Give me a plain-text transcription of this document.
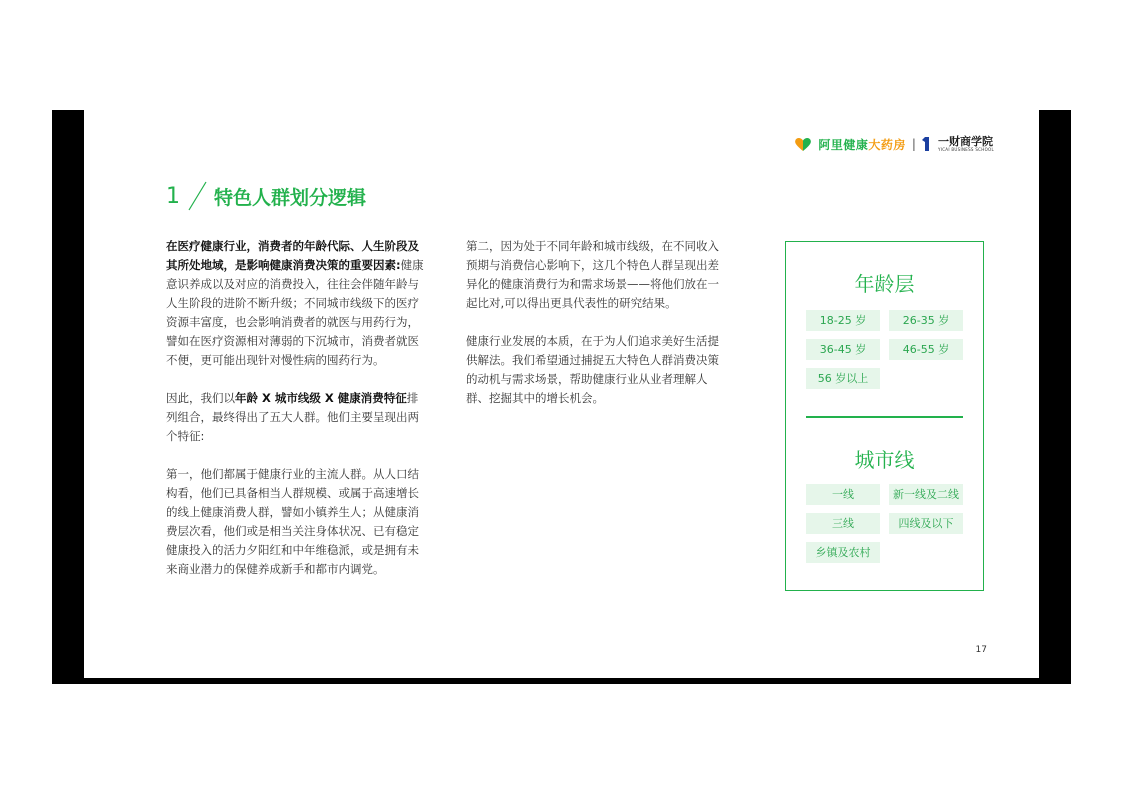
阿里健康大药房 | 一财商学院
YICAI BUSINESS SCHOOL
1 特色人群划分逻辑

在医疗健康行业，消费者的年龄代际、人生阶段及其所处地域，是影响健康消费决策的重要因素:健康意识养成以及对应的消费投入，往往会伴随年龄与人生阶段的进阶不断升级；不同城市线级下的医疗资源丰富度，也会影响消费者的就医与用药行为，譬如在医疗资源相对薄弱的下沉城市，消费者就医不便，更可能出现针对慢性病的囤药行为。

因此，我们以年龄 X 城市线级 X 健康消费特征排列组合，最终得出了五大人群。他们主要呈现出两个特征:

第一，他们都属于健康行业的主流人群。从人口结构看，他们已具备相当人群规模、或属于高速增长的线上健康消费人群，譬如小镇养生人；从健康消费层次看，他们或是相当关注身体状况、已有稳定健康投入的活力夕阳红和中年维稳派，或是拥有未来商业潜力的保健养成新手和都市内调党。

第二，因为处于不同年龄和城市线级，在不同收入预期与消费信心影响下，这几个特色人群呈现出差异化的健康消费行为和需求场景——将他们放在一起比对,可以得出更具代表性的研究结果。

健康行业发展的本质，在于为人们追求美好生活提供解法。我们希望通过捕捉五大特色人群消费决策的动机与需求场景，帮助健康行业从业者理解人群、挖掘其中的增长机会。

年龄层
18-25 岁	26-35 岁
36-45 岁	46-55 岁
56 岁以上
城市线
一线	新一线及二线
三线	四线及以下
乡镇及农村
17
